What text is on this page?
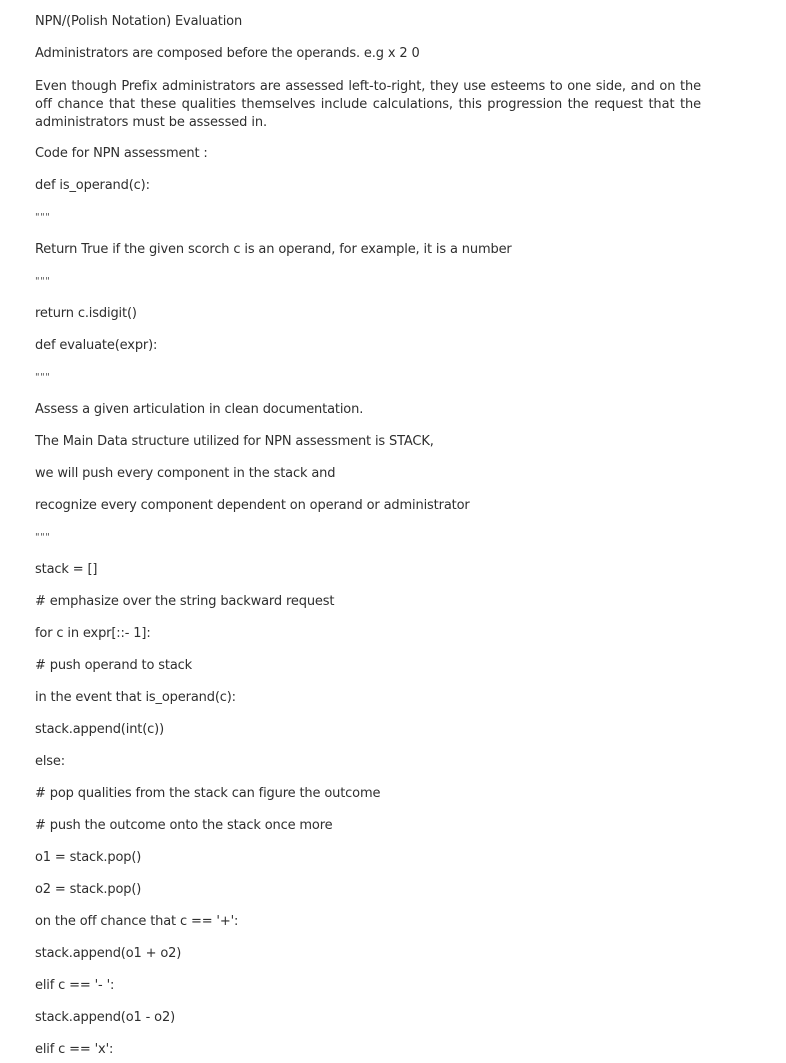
NPN/(Polish Notation) Evaluation
Administrators are composed before the operands. e.g x 2 0
Even though Prefix administrators are assessed left-to-right, they use esteems to one side, and on the off chance that these qualities themselves include calculations, this progression the request that the administrators must be assessed in.
Code for NPN assessment :
def is_operand(c):
"""
Return True if the given scorch c is an operand, for example, it is a number
"""
return c.isdigit()
def evaluate(expr):
"""
Assess a given articulation in clean documentation.
The Main Data structure utilized for NPN assessment is STACK,
we will push every component in the stack and
recognize every component dependent on operand or administrator
"""
stack = []
# emphasize over the string backward request
for c in expr[::- 1]:
# push operand to stack
in the event that is_operand(c):
stack.append(int(c))
else:
# pop qualities from the stack can figure the outcome
# push the outcome onto the stack once more
o1 = stack.pop()
o2 = stack.pop()
on the off chance that c == '+':
stack.append(o1 + o2)
elif c == '- ':
stack.append(o1 - o2)
elif c == 'x':
